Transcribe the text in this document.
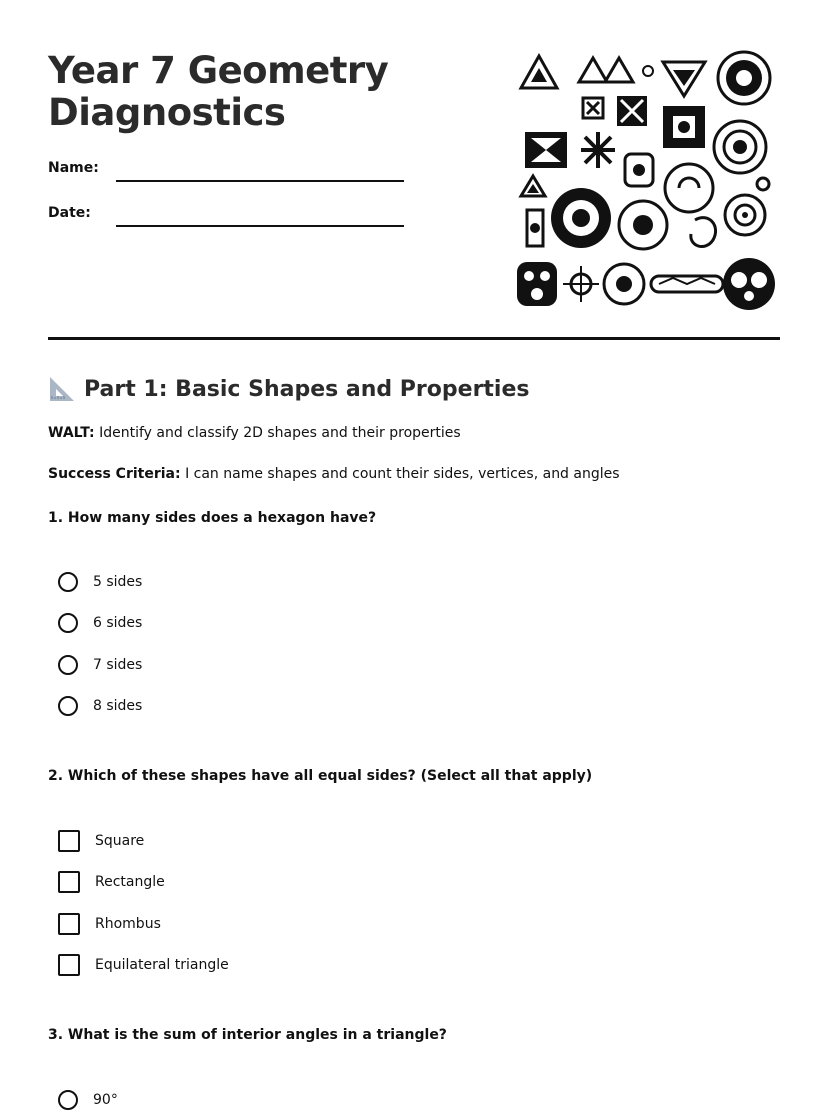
Year 7 Geometry
Diagnostics
Name:
Date:
Part 1: Basic Shapes and Properties
WALT: Identify and classify 2D shapes and their properties
Success Criteria: I can name shapes and count their sides, vertices, and angles
1. How many sides does a hexagon have?
5 sides
6 sides
7 sides
8 sides
2. Which of these shapes have all equal sides? (Select all that apply)
Square
Rectangle
Rhombus
Equilateral triangle
3. What is the sum of interior angles in a triangle?
90°
